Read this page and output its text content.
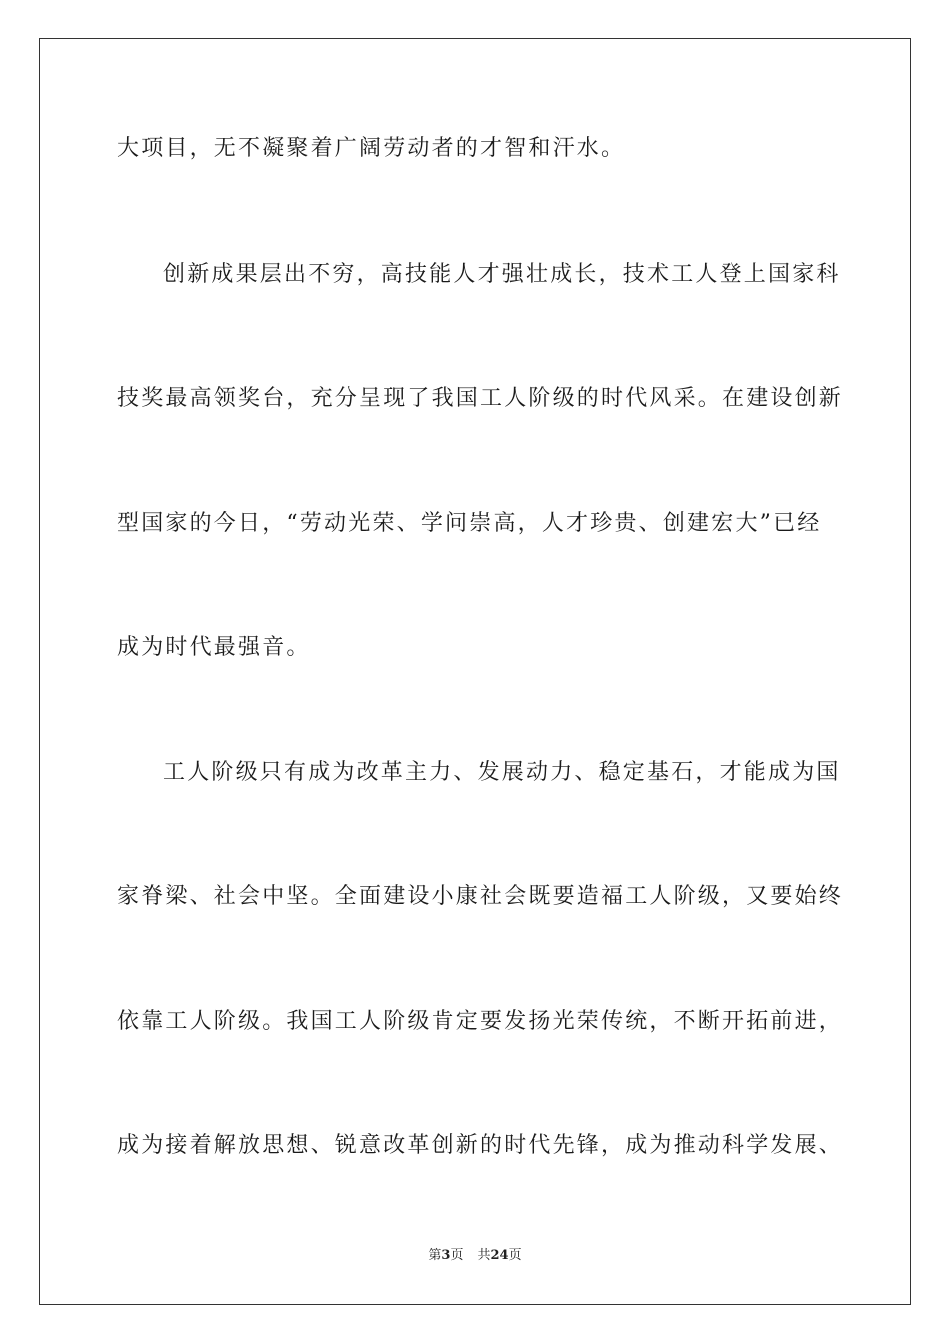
大项目，无不凝聚着广阔劳动者的才智和汗水。
创新成果层出不穷，高技能人才强壮成长，技术工人登上国家科
技奖最高领奖台，充分呈现了我国工人阶级的时代风采。在建设创新
型国家的今日，“劳动光荣、学问崇高，人才珍贵、创建宏大”已经
成为时代最强音。
工人阶级只有成为改革主力、发展动力、稳定基石，才能成为国
家脊梁、社会中坚。全面建设小康社会既要造福工人阶级，又要始终
依靠工人阶级。我国工人阶级肯定要发扬光荣传统，不断开拓前进，
成为接着解放思想、锐意改革创新的时代先锋，成为推动科学发展、
第3页 共24页
